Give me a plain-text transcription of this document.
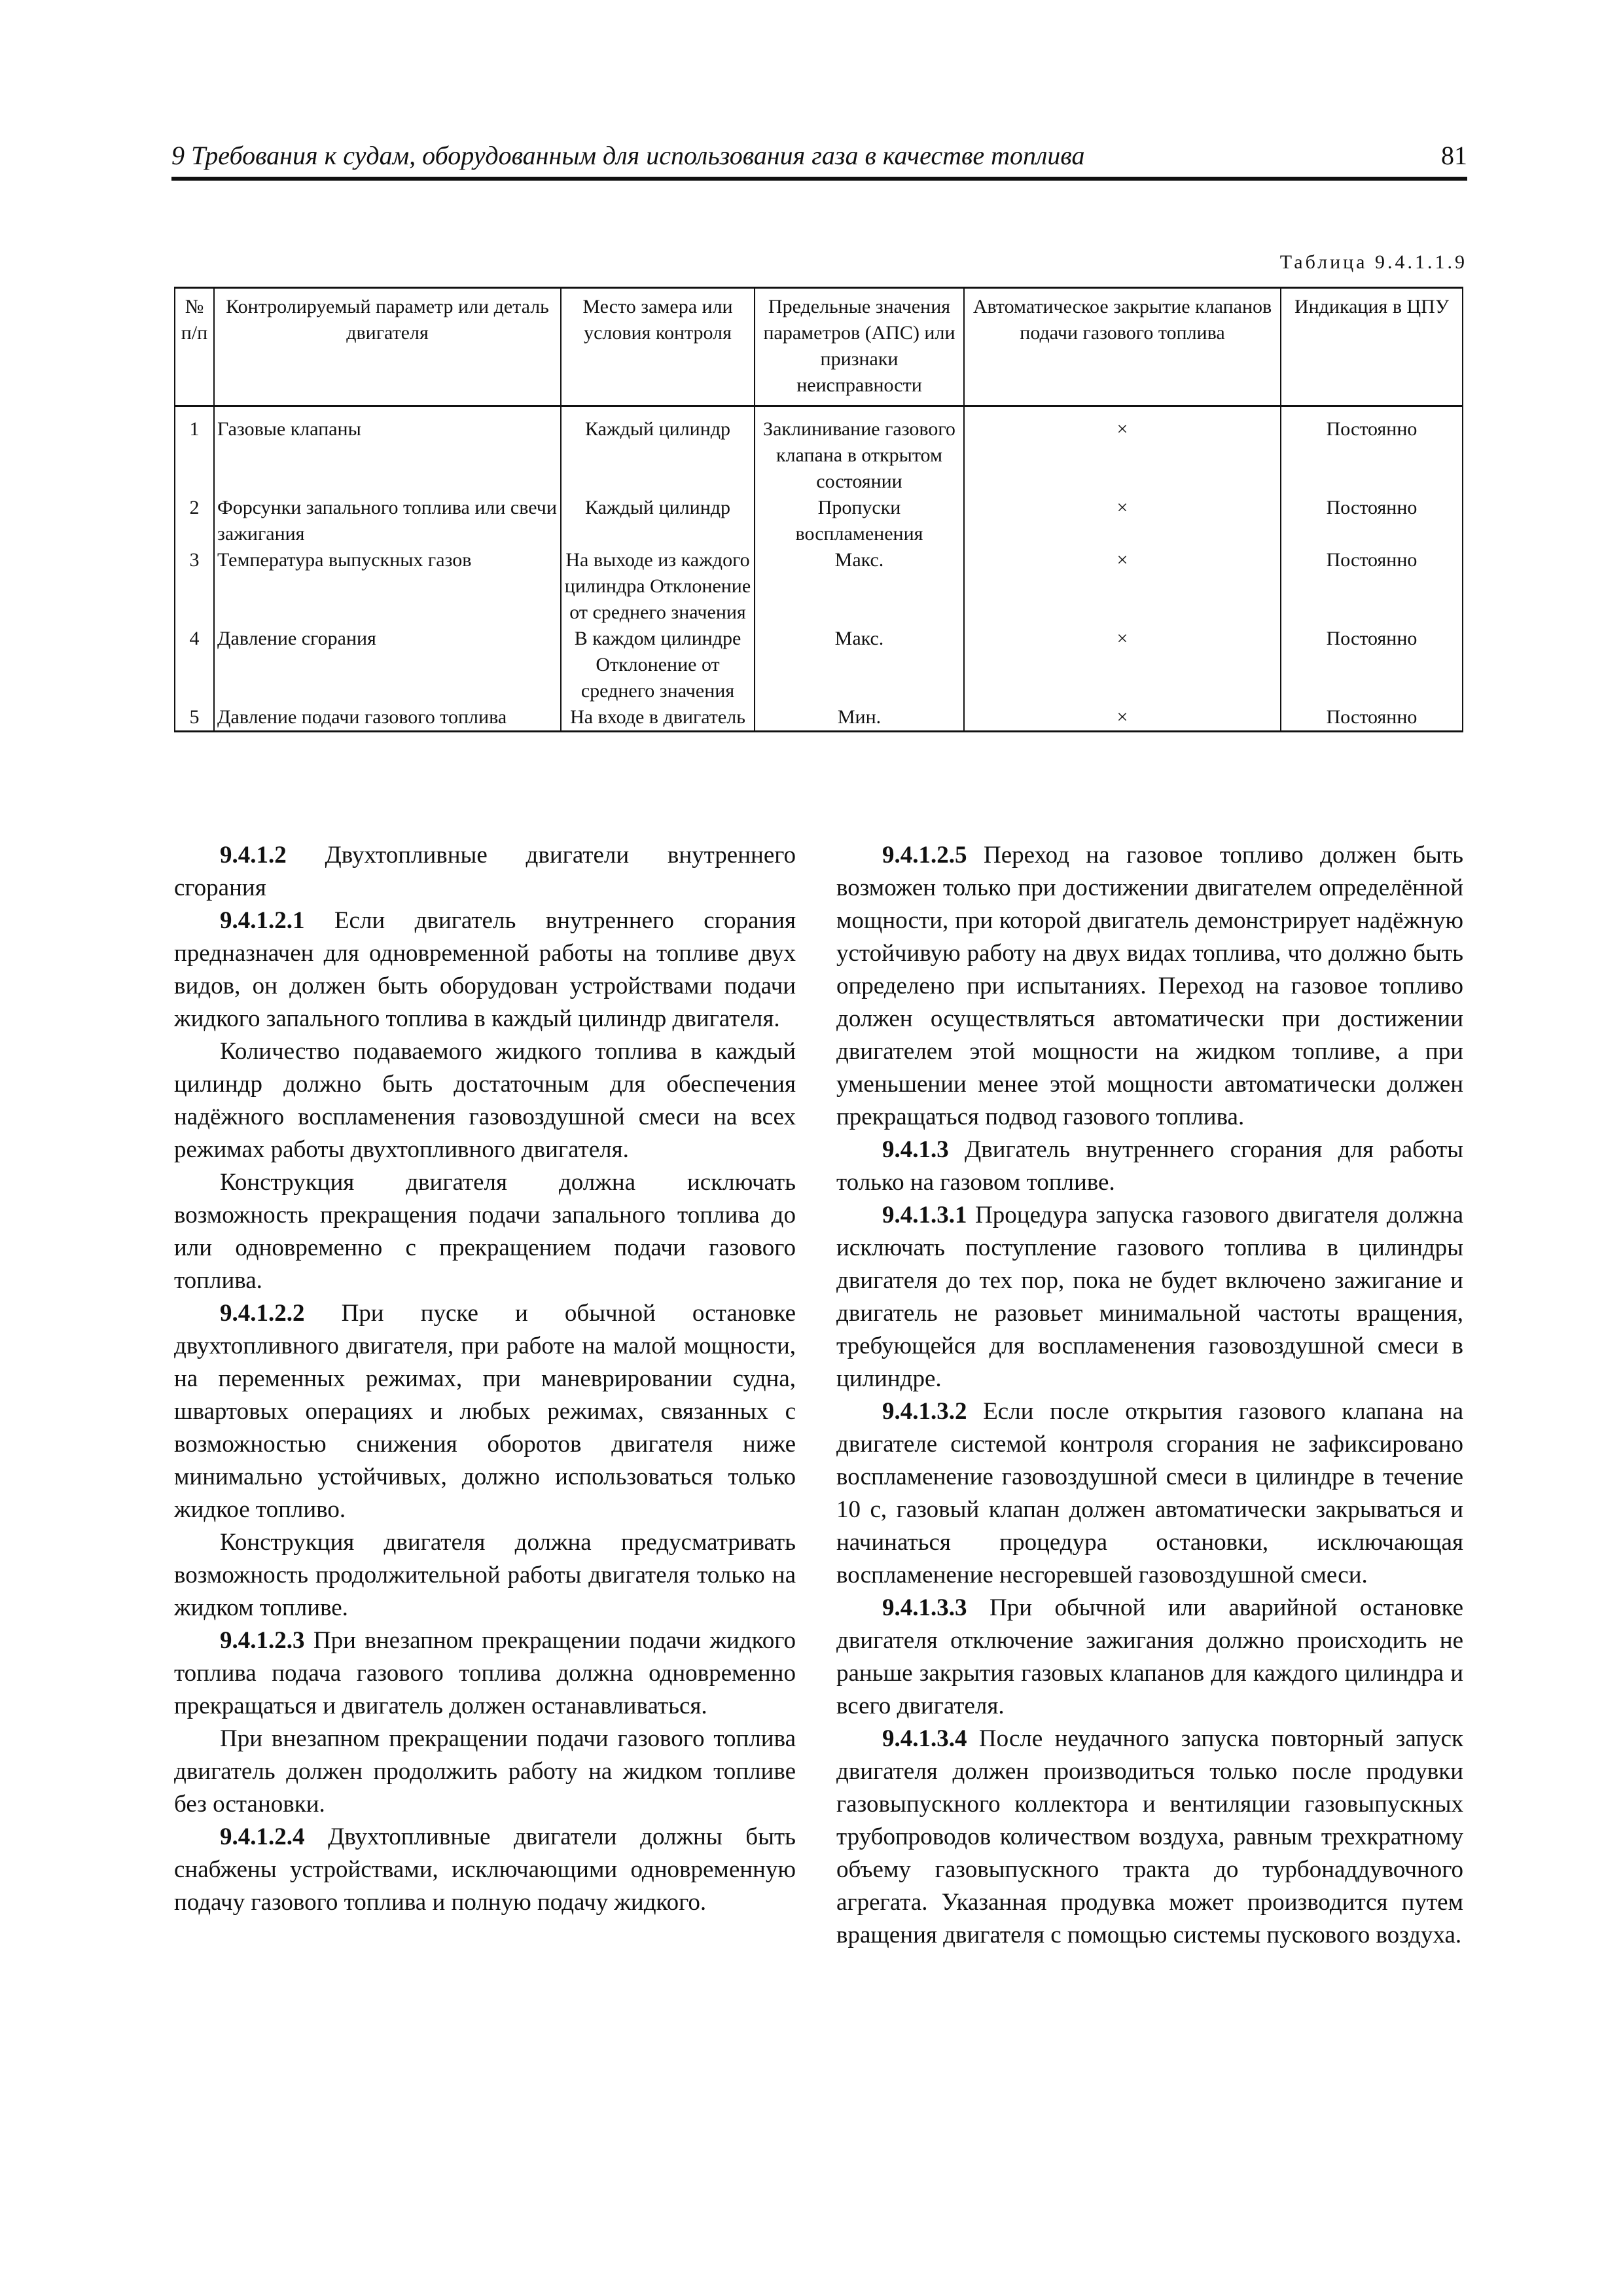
9 Требования к судам, оборудованным для использования газа в качестве топлива	81
Таблица 9.4.1.1.9
№ п/п	Контролируемый параметр или деталь двигателя	Место замера или условия контроля	Предельные значения параметров (АПС) или признаки неисправности	Автоматическое закрытие клапанов подачи газового топлива	Индикация в ЦПУ
1	Газовые клапаны	Каждый цилиндр	Заклинивание газового клапана в открытом состоянии	×	Постоянно
2	Форсунки запального топлива или свечи зажигания	Каждый цилиндр	Пропуски воспламенения	×	Постоянно
3	Температура выпускных газов	На выходе из каждого цилиндра Отклонение от среднего значения	Макс.	×	Постоянно
4	Давление сгорания	В каждом цилиндре Отклонение от среднего значения	Макс.	×	Постоянно
5	Давление подачи газового топлива	На входе в двигатель	Мин.	×	Постоянно

9.4.1.2 Двухтопливные двигатели внутреннего сгорания

9.4.1.2.1 Если двигатель внутреннего сгорания предназначен для одновременной работы на топливе двух видов, он должен быть оборудован устройствами подачи жидкого запального топлива в каждый цилиндр двигателя.

Количество подаваемого жидкого топлива в каждый цилиндр должно быть достаточным для обеспечения надёжного воспламенения газовоздушной смеси на всех режимах работы двухтопливного двигателя.

Конструкция двигателя должна исключать возможность прекращения подачи запального топлива до или одновременно с прекращением подачи газового топлива.

9.4.1.2.2 При пуске и обычной остановке двухтопливного двигателя, при работе на малой мощности, на переменных режимах, при маневрировании судна, швартовых операциях и любых режимах, связанных с возможностью снижения оборотов двигателя ниже минимально устойчивых, должно использоваться только жидкое топливо.

Конструкция двигателя должна предусматривать возможность продолжительной работы двигателя только на жидком топливе.

9.4.1.2.3 При внезапном прекращении подачи жидкого топлива подача газового топлива должна одновременно прекращаться и двигатель должен останавливаться.

При внезапном прекращении подачи газового топлива двигатель должен продолжить работу на жидком топливе без остановки.

9.4.1.2.4 Двухтопливные двигатели должны быть снабжены устройствами, исключающими одновременную подачу газового топлива и полную подачу жидкого.

9.4.1.2.5 Переход на газовое топливо должен быть возможен только при достижении двигателем определённой мощности, при которой двигатель демонстрирует надёжную устойчивую работу на двух видах топлива, что должно быть определено при испытаниях. Переход на газовое топливо должен осуществляться автоматически при достижении двигателем этой мощности на жидком топливе, а при уменьшении менее этой мощности автоматически должен прекращаться подвод газового топлива.

9.4.1.3 Двигатель внутреннего сгорания для работы только на газовом топливе.

9.4.1.3.1 Процедура запуска газового двигателя должна исключать поступление газового топлива в цилиндры двигателя до тех пор, пока не будет включено зажигание и двигатель не разовьет минимальной частоты вращения, требующейся для воспламенения газовоздушной смеси в цилиндре.

9.4.1.3.2 Если после открытия газового клапана на двигателе системой контроля сгорания не зафиксировано воспламенение газовоздушной смеси в цилиндре в течение 10 с, газовый клапан должен автоматически закрываться и начинаться процедура остановки, исключающая воспламенение несгоревшей газовоздушной смеси.

9.4.1.3.3 При обычной или аварийной остановке двигателя отключение зажигания должно происходить не раньше закрытия газовых клапанов для каждого цилиндра и всего двигателя.

9.4.1.3.4 После неудачного запуска повторный запуск двигателя должен производиться только после продувки газовыпускного коллектора и вентиляции газовыпускных трубопроводов количеством воздуха, равным трехкратному объему газовыпускного тракта до турбонаддувочного агрегата. Указанная продувка может производится путем вращения двигателя с помощью системы пускового воздуха.
